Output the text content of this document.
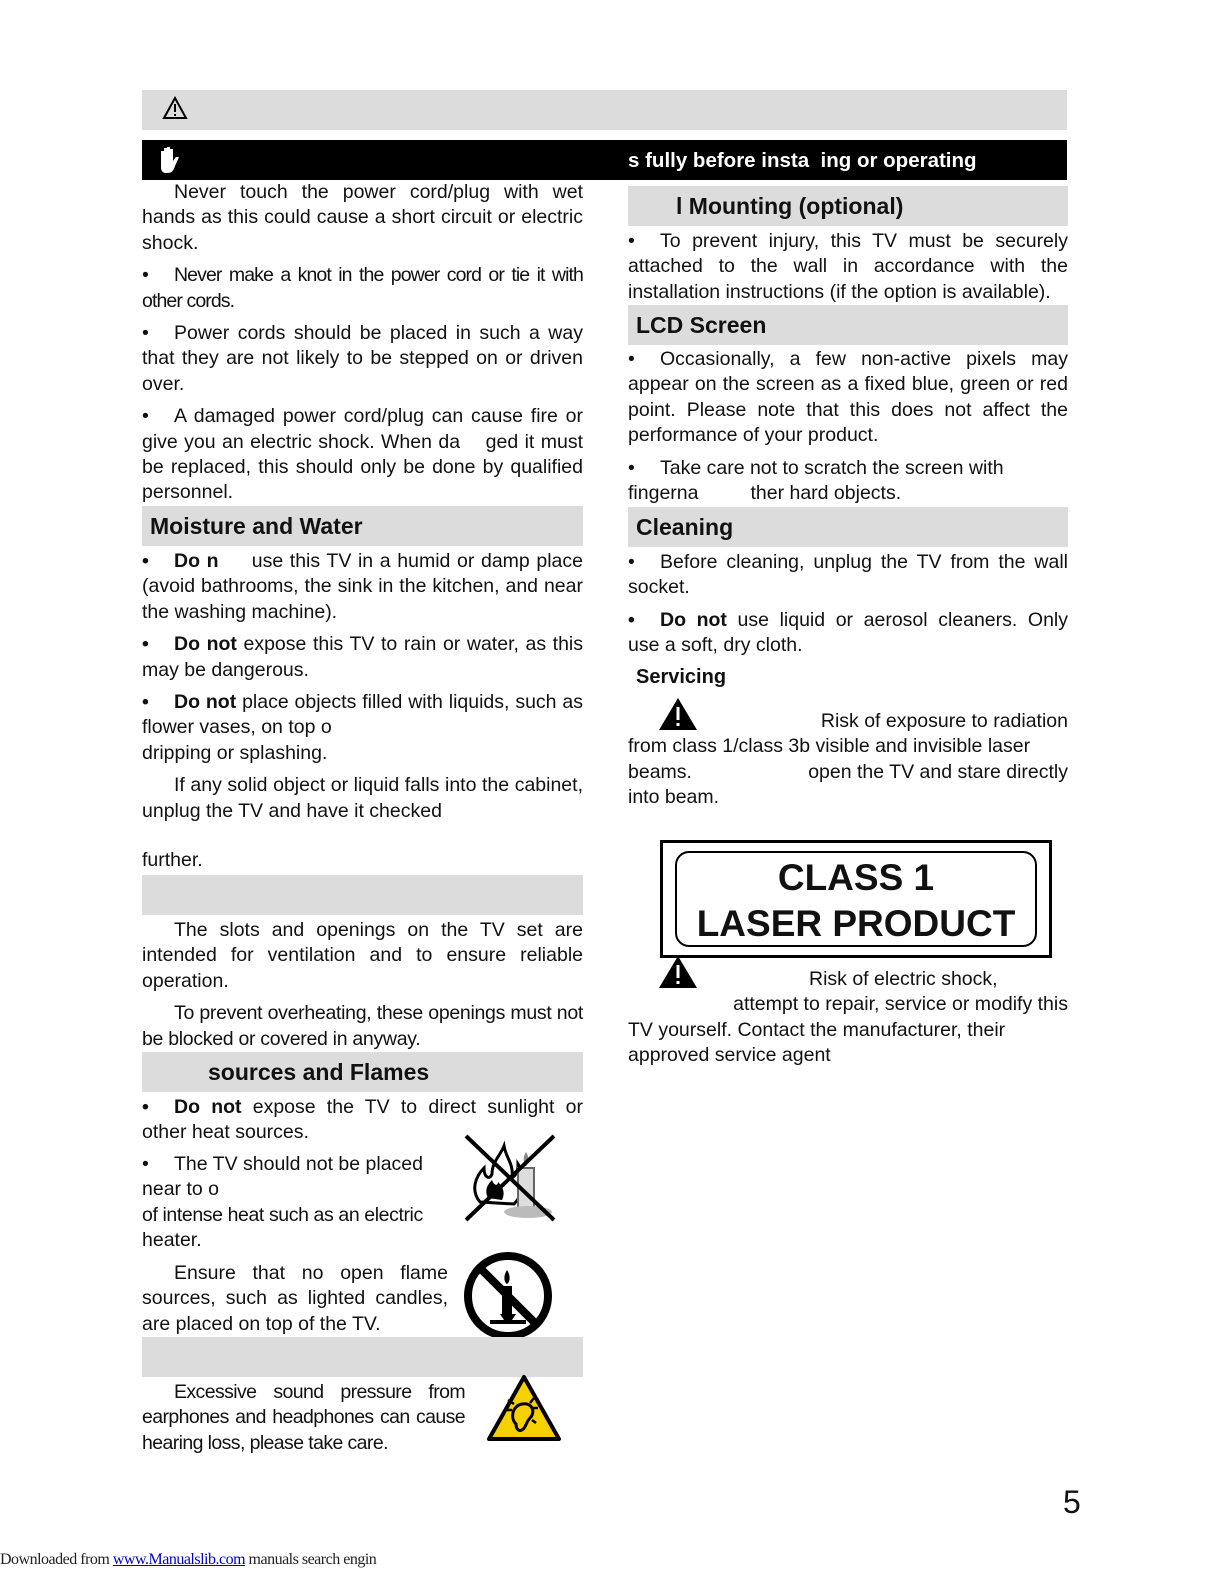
s fully before insta  ing or operating

Never touch the power cord/plug with wet hands as this could cause a short circuit or electric shock.

• Never make a knot in the power cord or tie it with other cords.

• Power cords should be placed in such a way that they are not likely to be stepped on or driven over.

• A damaged power cord/plug can cause fire or give you an electric shock. When da    ged it must be replaced, this should only be done by qualified personnel.

Moisture and Water

• Do n use this TV in a humid or damp place (avoid bathrooms, the sink in the kitchen, and near the washing machine).

• Do not expose this TV to rain or water, as this may be dangerous.

• Do not place objects filled with liquids, such as flower vases, on top o

dripping or splashing.

If any solid object or liquid falls into the cabinet, unplug the TV and have it checked

further.

The slots and openings on the TV set are intended for ventilation and to ensure reliable operation.

To prevent overheating, these openings must not be blocked or covered in anyway.

sources and Flames

• Do not expose the TV to direct sunlight or other heat sources.

• The TV should not be placed
near to o
of intense heat such as an electric
heater.

Ensure that no open flame sources, such as lighted candles, are placed on top of the TV.

Excessive sound pressure from earphones and headphones can cause hearing loss, please take care.

l Mounting (optional)

• To prevent injury, this TV must be securely attached to the wall in accordance with the installation instructions (if the option is available).

LCD Screen

• Occasionally, a few non-active pixels may appear on the screen as a fixed blue, green or red point. Please note that this does not affect the performance of your product.

• Take care not to scratch the screen with

fingerna	ther hard objects.
Cleaning

• Before cleaning, unplug the TV from the wall socket.

• Do not use liquid or aerosol cleaners. Only use a soft, dry cloth.

Servicing
Risk of exposure to radiation
from class 1/class 3b visible and invisible laser
beams.	open the TV and stare directly
into beam.
CLASS 1
LASER PRODUCT
Risk of electric shock,
attempt to repair, service or modify this
TV yourself. Contact the manufacturer, their
approved service agent
5
Downloaded from www.Manualslib.com manuals search engin
